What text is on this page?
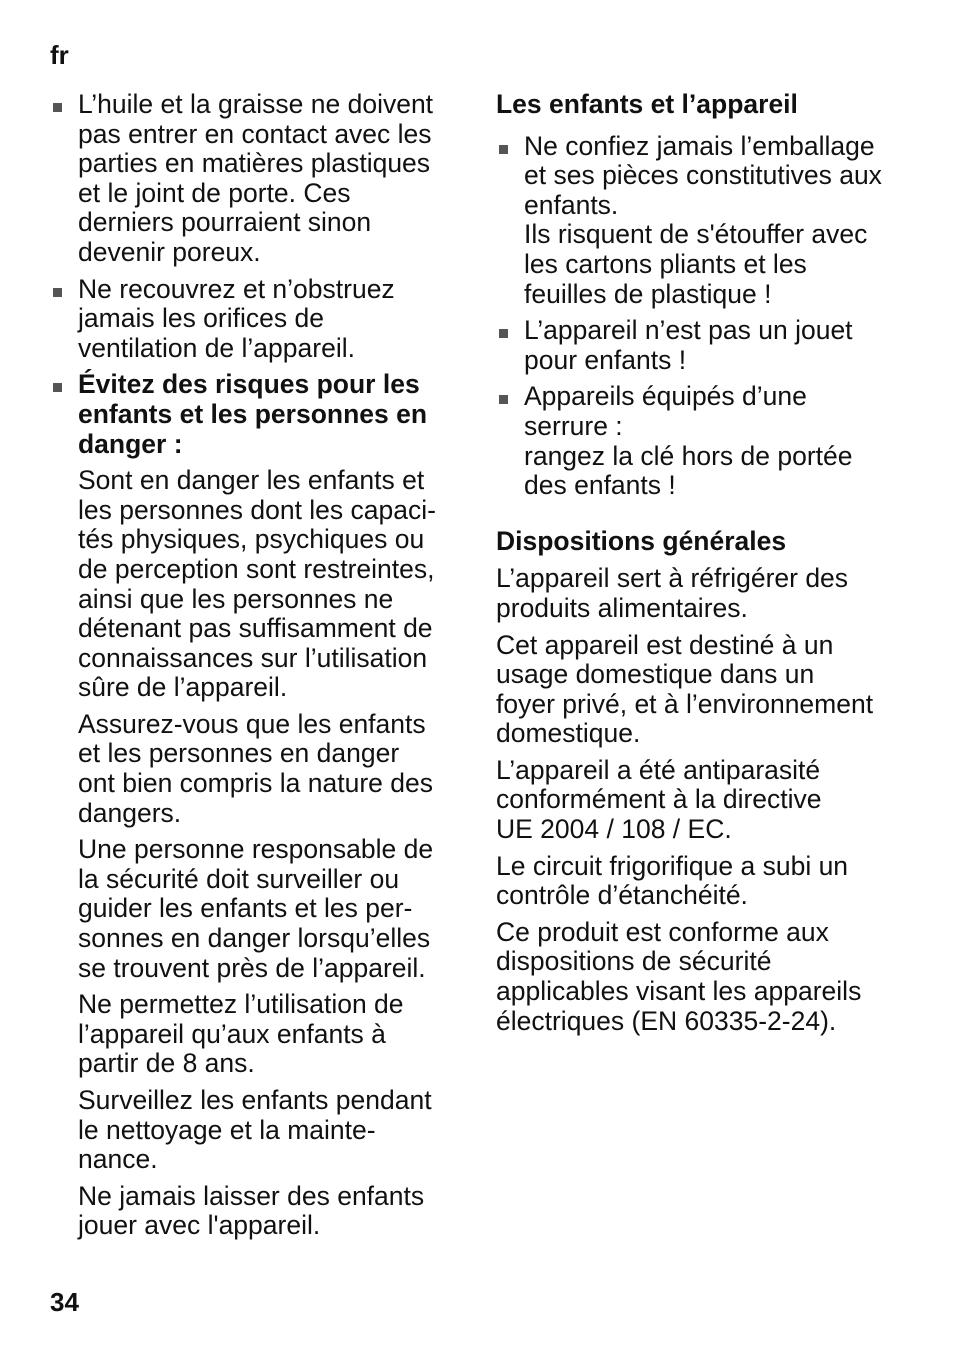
fr
L’huile et la graisse ne doivent
pas entrer en contact avec les
parties en matières plastiques
et le joint de porte. Ces
derniers pourraient sinon
devenir poreux.
Ne recouvrez et n’obstruez
jamais les orifices de
ventilation de l’appareil.
Évitez des risques pour les
enfants et les personnes en
danger :
Sont en danger les enfants et
les personnes dont les capaci-
tés physiques, psychiques ou
de perception sont restreintes,
ainsi que les personnes ne
détenant pas suffisamment de
connaissances sur l’utilisation
sûre de l’appareil.
Assurez-vous que les enfants
et les personnes en danger
ont bien compris la nature des
dangers.
Une personne responsable de
la sécurité doit surveiller ou
guider les enfants et les per-
sonnes en danger lorsqu’elles
se trouvent près de l’appareil.
Ne permettez l’utilisation de
l’appareil qu’aux enfants à
partir de 8 ans.
Surveillez les enfants pendant
le nettoyage et la mainte-
nance.
Ne jamais laisser des enfants
jouer avec l'appareil.
Les enfants et l’appareil
Ne confiez jamais l’emballage
et ses pièces constitutives aux
enfants.
Ils risquent de s'étouffer avec
les cartons pliants et les
feuilles de plastique !
L’appareil n’est pas un jouet
pour enfants !
Appareils équipés d’une
serrure :
rangez la clé hors de portée
des enfants !
Dispositions générales
L’appareil sert à réfrigérer des
produits alimentaires.
Cet appareil est destiné à un
usage domestique dans un
foyer privé, et à l’environnement
domestique.
L’appareil a été antiparasité
conformément à la directive
UE 2004 / 108 / EC.
Le circuit frigorifique a subi un
contrôle d’étanchéité.
Ce produit est conforme aux
dispositions de sécurité
applicables visant les appareils
électriques (EN 60335-2-24).
34
